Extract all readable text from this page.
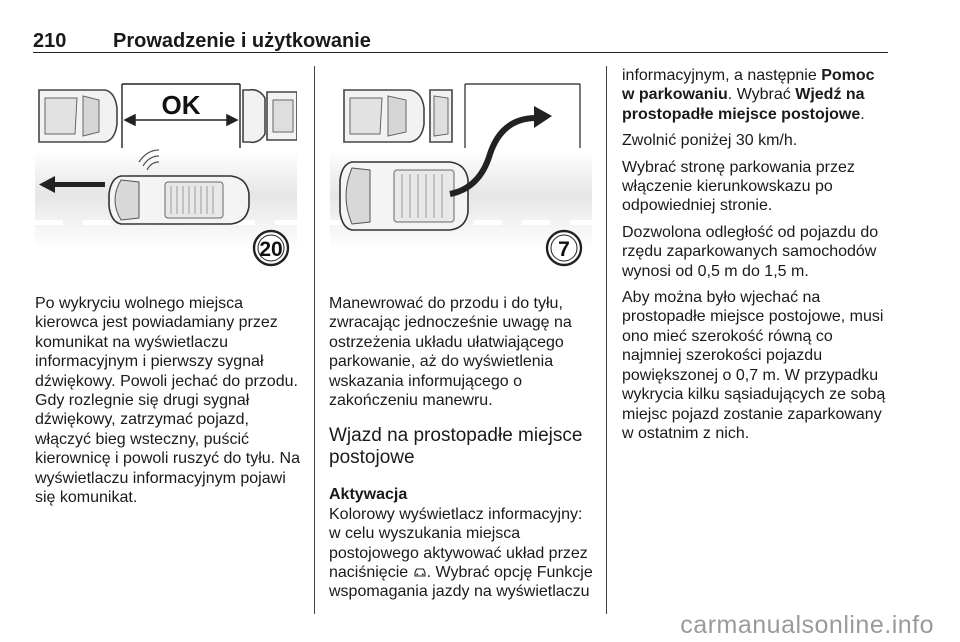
210 Prowadzenie i użytkowanie
OK
20	7

Po wykryciu wolnego miejsca kierowca jest powiadamiany przez komunikat na wyświetlaczu informacyjnym i pierwszy sygnał dźwiękowy. Powoli jechać do przodu. Gdy rozlegnie się drugi sygnał dźwiękowy, zatrzymać pojazd, włączyć bieg wsteczny, puścić kierownicę i powoli ruszyć do tyłu. Na wyświetlaczu informacyjnym pojawi się komunikat.

Manewrować do przodu i do tyłu, zwracając jednocześnie uwagę na ostrzeżenia układu ułatwiającego parkowanie, aż do wyświetlenia wskazania informującego o zakończeniu manewru.

Wjazd na prostopadłe miejsce postojowe
Aktywacja

Kolorowy wyświetlacz informacyjny: w celu wyszukania miejsca postojowego aktywować układ przez naciśnięcie . Wybrać opcję Funkcje wspomagania jazdy na wyświetlaczu

informacyjnym, a następnie Pomoc w parkowaniu. Wybrać Wjedź na prostopadłe miejsce postojowe.

Zwolnić poniżej 30 km/h.

Wybrać stronę parkowania przez włączenie kierunkowskazu po odpowiedniej stronie.

Dozwolona odległość od pojazdu do rzędu zaparkowanych samochodów wynosi od 0,5 m do 1,5 m.

Aby można było wjechać na prostopadłe miejsce postojowe, musi ono mieć szerokość równą co najmniej szerokości pojazdu powiększonej o 0,7 m. W przypadku wykrycia kilku sąsiadujących ze sobą miejsc pojazd zostanie zaparkowany w ostatnim z nich.

carmanualsonline.info
